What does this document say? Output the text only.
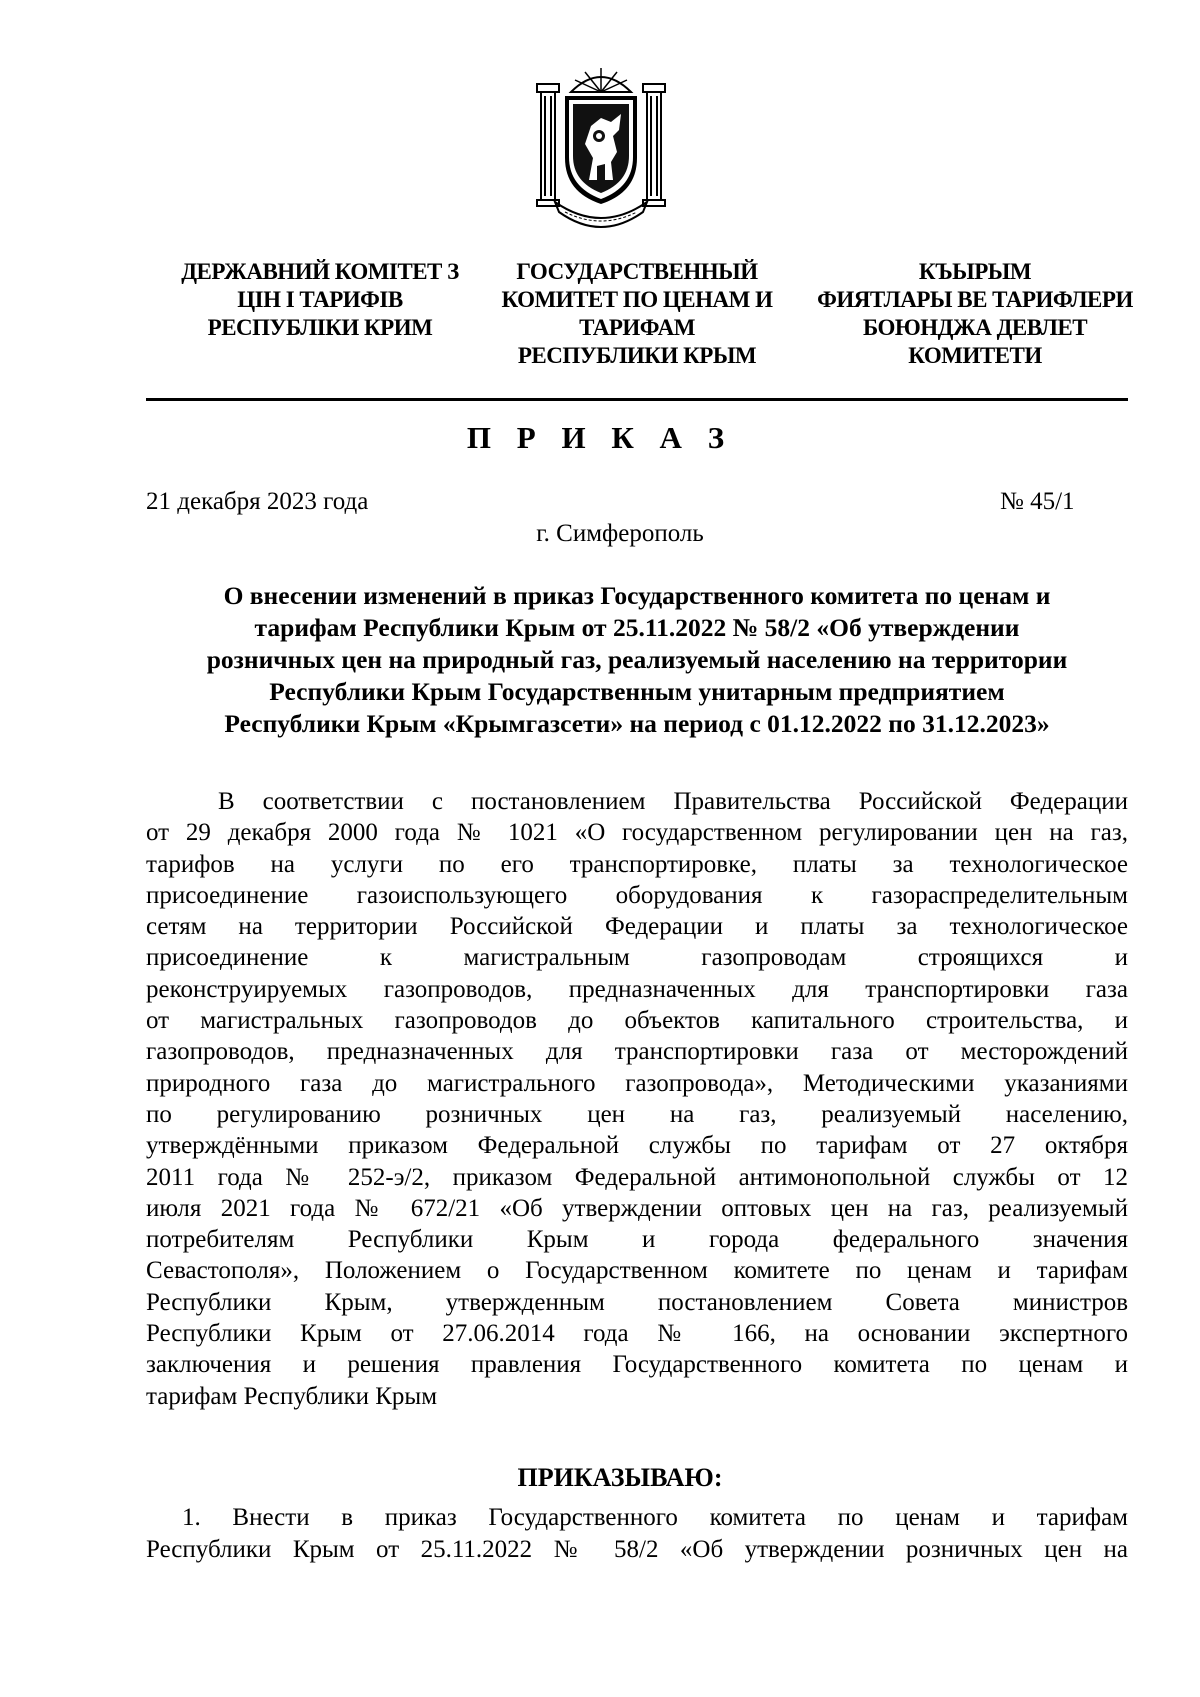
ДЕРЖАВНИЙ КОМІТЕТ З
ЦІН І ТАРИФІВ
РЕСПУБЛІКИ КРИМ
ГОСУДАРСТВЕННЫЙ
КОМИТЕТ ПО ЦЕНАМ И
ТАРИФАМ
РЕСПУБЛИКИ КРЫМ
КЪЫРЫМ
ФИЯТЛАРЫ ВЕ ТАРИФЛЕРИ
БОЮНДЖА ДЕВЛЕТ
КОМИТЕТИ
П Р И К А З
21 декабря 2023 года	№ 45/1
г. Симферополь
О внесении изменений в приказ Государственного комитета по ценам и
тарифам Республики Крым от 25.11.2022 № 58/2 «Об утверждении
розничных цен на природный газ, реализуемый населению на территории
Республики Крым Государственным унитарным предприятием
Республики Крым «Крымгазсети» на период с 01.12.2022 по 31.12.2023»
В соответствии с постановлением Правительства Российской Федерации
от 29 декабря 2000 года № 1021 «О государственном регулировании цен на газ,
тарифов на услуги по его транспортировке, платы за технологическое
присоединение газоиспользующего оборудования к газораспределительным
сетям на территории Российской Федерации и платы за технологическое
присоединение к магистральным газопроводам строящихся и
реконструируемых газопроводов, предназначенных для транспортировки газа
от магистральных газопроводов до объектов капитального строительства, и
газопроводов, предназначенных для транспортировки газа от месторождений
природного газа до магистрального газопровода», Методическими указаниями
по регулированию розничных цен на газ, реализуемый населению,
утверждёнными приказом Федеральной службы по тарифам от 27 октября
2011 года № 252-э/2, приказом Федеральной антимонопольной службы от 12
июля 2021 года № 672/21 «Об утверждении оптовых цен на газ, реализуемый
потребителям Республики Крым и города федерального значения
Севастополя», Положением о Государственном комитете по ценам и тарифам
Республики Крым, утвержденным постановлением Совета министров
Республики Крым от 27.06.2014 года № 166, на основании экспертного
заключения и решения правления Государственного комитета по ценам и
тарифам Республики Крым
ПРИКАЗЫВАЮ:
1. Внести в приказ Государственного комитета по ценам и тарифам
Республики Крым от 25.11.2022 № 58/2 «Об утверждении розничных цен на
